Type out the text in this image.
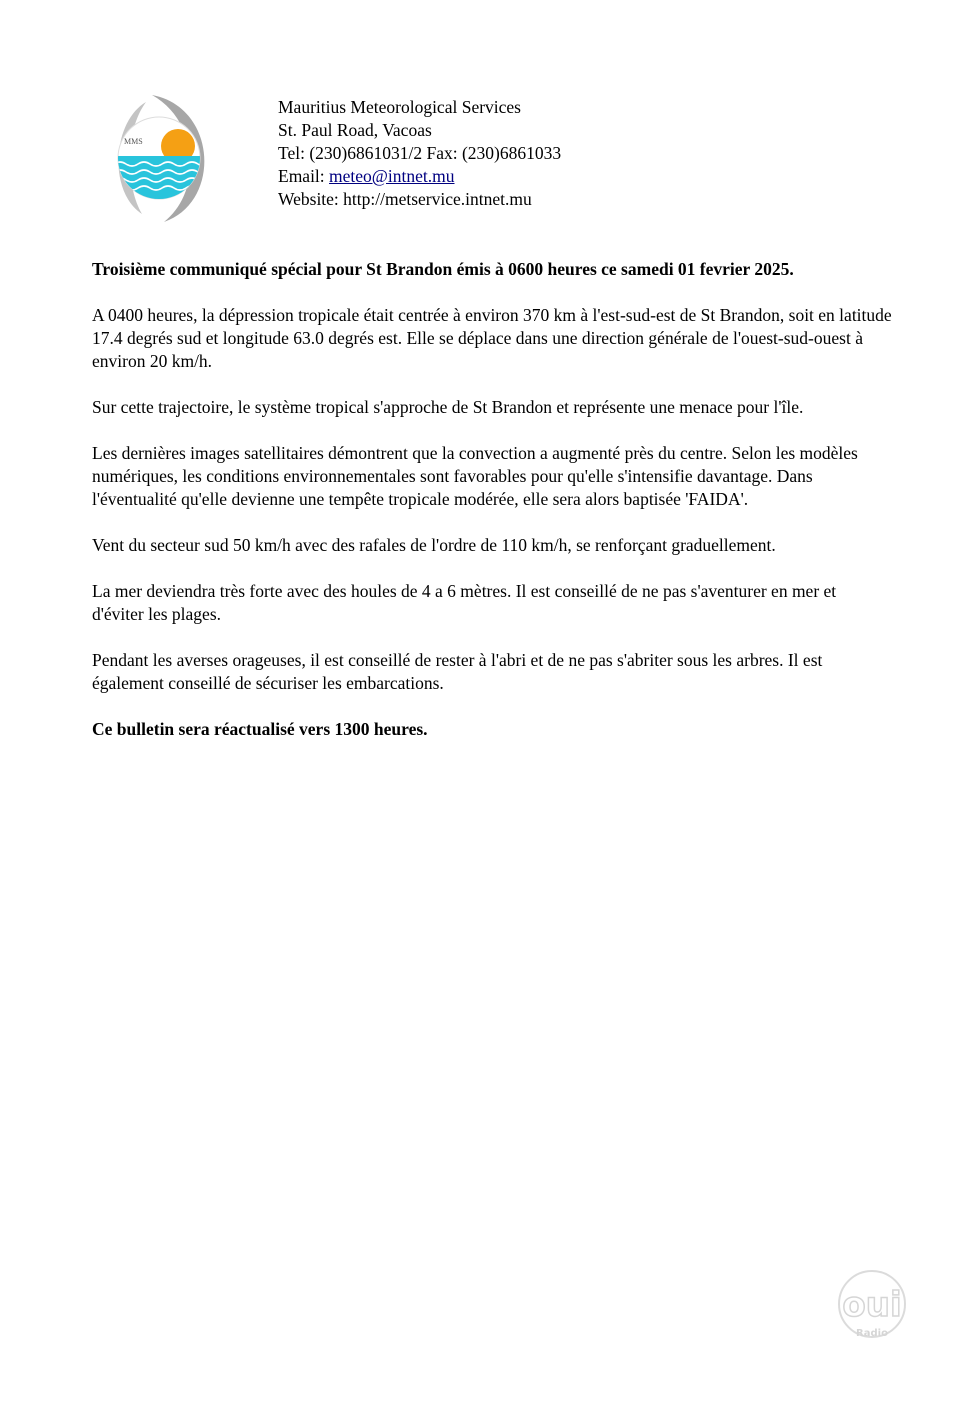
MMS
Mauritius Meteorological Services
St. Paul Road, Vacoas
Tel: (230)6861031/2 Fax: (230)6861033
Email: meteo@intnet.mu
Website: http://metservice.intnet.mu

Troisième communiqué spécial pour St Brandon émis à 0600 heures ce samedi 01 fevrier 2025.

A 0400 heures, la dépression tropicale était centrée à environ 370 km à l'est-sud-est de St Brandon, soit en latitude 17.4 degrés sud et longitude 63.0 degrés est. Elle se déplace dans une direction générale de l'ouest-sud-ouest à environ 20 km/h.

Sur cette trajectoire, le système tropical s'approche de St Brandon et représente une menace pour l'île.

Les dernières images satellitaires démontrent que la convection a augmenté près du centre. Selon les modèles numériques, les conditions environnementales sont favorables pour qu'elle s'intensifie davantage. Dans l'éventualité qu'elle devienne une tempête tropicale modérée, elle sera alors baptisée 'FAIDA'.

Vent du secteur sud 50 km/h avec des rafales de l'ordre de 110 km/h, se renforçant graduellement.

La mer deviendra très forte avec des houles de 4 a 6 mètres. Il est conseillé de ne pas s'aventurer en mer et d'éviter les plages.

Pendant les averses orageuses, il est conseillé de rester à l'abri et de ne pas s'abriter sous les arbres. Il est également conseillé de sécuriser les embarcations.

Ce bulletin sera réactualisé vers 1300 heures.

oui
Radio
